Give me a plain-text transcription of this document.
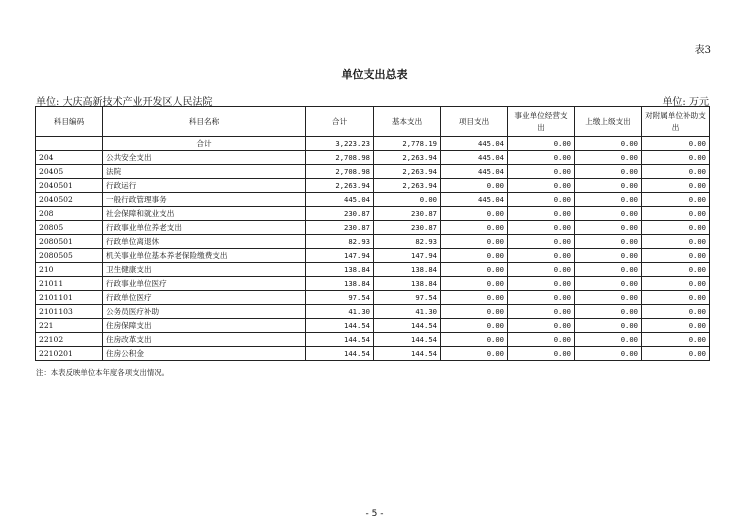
表3
单位支出总表
单位: 大庆高新技术产业开发区人民法院	单位: 万元
科目编码	科目名称	合计	基本支出	项目支出	事业单位经营支出	上缴上级支出	对附属单位补助支出
	合计	3,223.23	2,778.19	445.04	0.00	0.00	0.00
204	公共安全支出	2,708.98	2,263.94	445.04	0.00	0.00	0.00
20405	法院	2,708.98	2,263.94	445.04	0.00	0.00	0.00
2040501	行政运行	2,263.94	2,263.94	0.00	0.00	0.00	0.00
2040502	一般行政管理事务	445.04	0.00	445.04	0.00	0.00	0.00
208	社会保障和就业支出	230.87	230.87	0.00	0.00	0.00	0.00
20805	行政事业单位养老支出	230.87	230.87	0.00	0.00	0.00	0.00
2080501	行政单位离退休	82.93	82.93	0.00	0.00	0.00	0.00
2080505	机关事业单位基本养老保险缴费支出	147.94	147.94	0.00	0.00	0.00	0.00
210	卫生健康支出	138.84	138.84	0.00	0.00	0.00	0.00
21011	行政事业单位医疗	138.84	138.84	0.00	0.00	0.00	0.00
2101101	行政单位医疗	97.54	97.54	0.00	0.00	0.00	0.00
2101103	公务员医疗补助	41.30	41.30	0.00	0.00	0.00	0.00
221	住房保障支出	144.54	144.54	0.00	0.00	0.00	0.00
22102	住房改革支出	144.54	144.54	0.00	0.00	0.00	0.00
2210201	住房公积金	144.54	144.54	0.00	0.00	0.00	0.00
注：本表反映单位本年度各项支出情况。
- 5 -
